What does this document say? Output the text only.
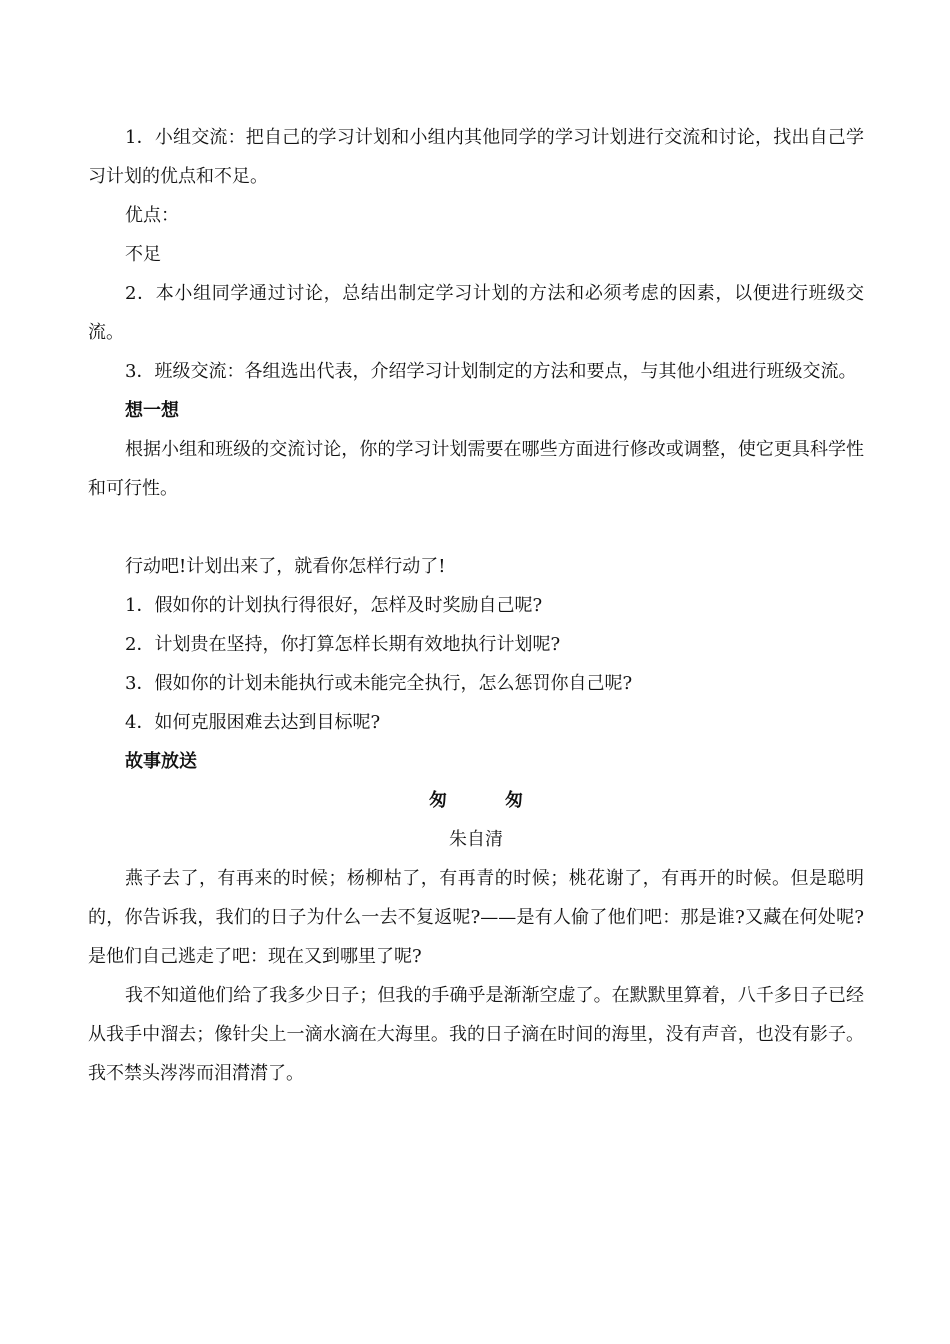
1．小组交流：把自己的学习计划和小组内其他同学的学习计划进行交流和讨论，找出自己学习计划的优点和不足。

优点：

不足

2．本小组同学通过讨论，总结出制定学习计划的方法和必须考虑的因素，以便进行班级交流。

3．班级交流：各组选出代表，介绍学习计划制定的方法和要点，与其他小组进行班级交流。

想一想

根据小组和班级的交流讨论，你的学习计划需要在哪些方面进行修改或调整，使它更具科学性和可行性。

行动吧!计划出来了，就看你怎样行动了!

1．假如你的计划执行得很好，怎样及时奖励自己呢?

2．计划贵在坚持，你打算怎样长期有效地执行计划呢?

3．假如你的计划未能执行或未能完全执行，怎么惩罚你自己呢?

4．如何克服困难去达到目标呢?

故事放送

匆	匆

朱自清

燕子去了，有再来的时候；杨柳枯了，有再青的时候；桃花谢了，有再开的时候。但是聪明的，你告诉我，我们的日子为什么一去不复返呢?——是有人偷了他们吧：那是谁?又藏在何处呢?是他们自己逃走了吧：现在又到哪里了呢?

我不知道他们给了我多少日子；但我的手确乎是渐渐空虚了。在默默里算着，八千多日子已经从我手中溜去；像针尖上一滴水滴在大海里。我的日子滴在时间的海里，没有声音，也没有影子。我不禁头涔涔而泪潸潸了。
